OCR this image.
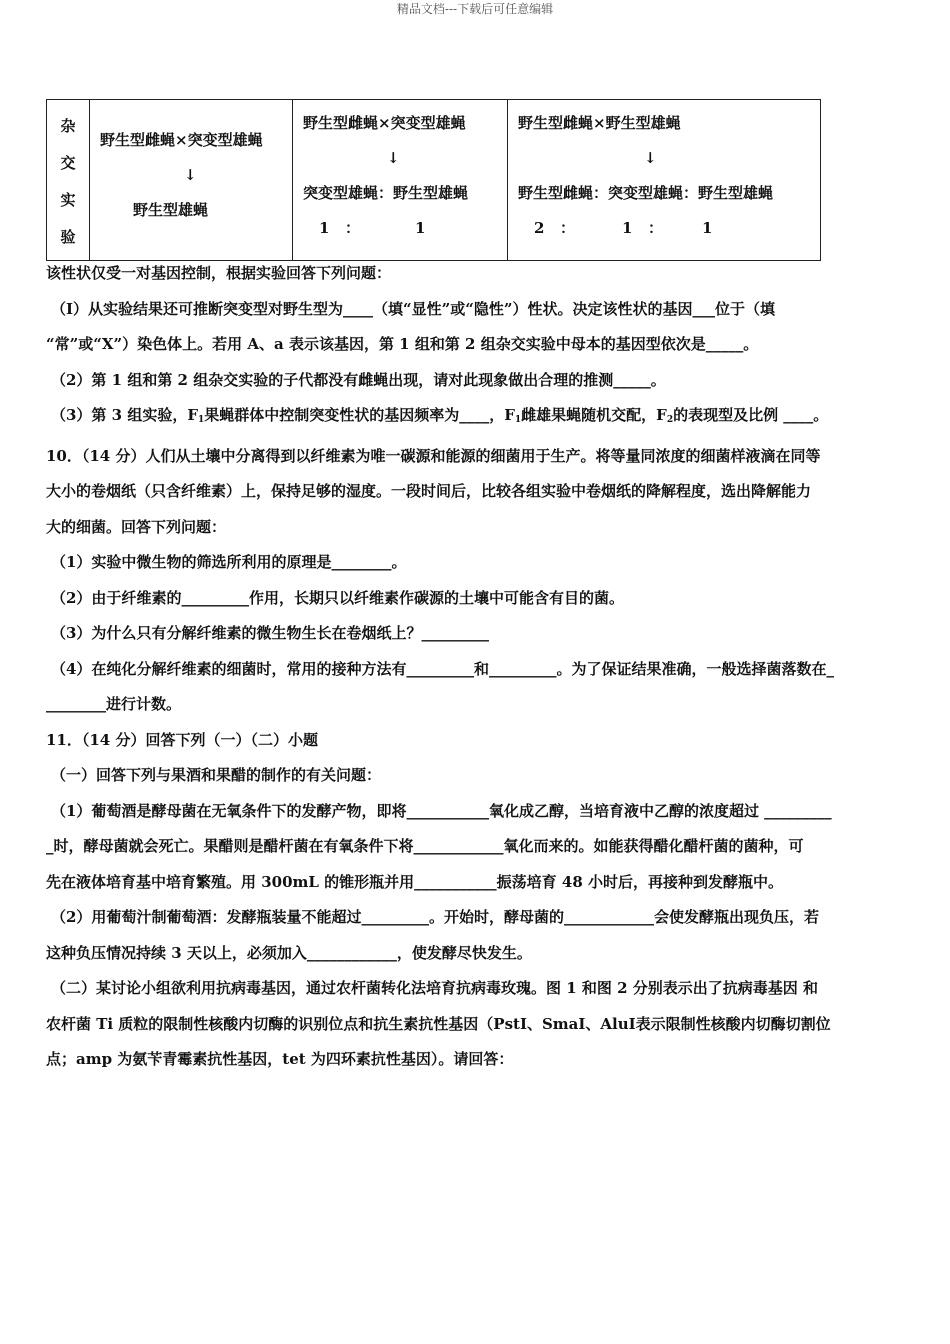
精品文档---下载后可任意编辑
杂
交
实
验

野生型雌蝇×突变型雄蝇
↓
野生型雄蝇

野生型雌蝇×突变型雄蝇
↓
突变型雄蝇：野生型雄蝇
1 ：	1

野生型雌蝇×野生型雄蝇
↓
野生型雌蝇：突变型雄蝇：野生型雄蝇
2 ：	1 ：	1

该性状仅受一对基因控制，根据实验回答下列问题：

（Ⅰ）从实验结果还可推断突变型对野生型为____（填“显性”或“隐性”）性状。决定该性状的基因___位于（填

“常”或“X”）染色体上。若用 A、a 表示该基因，第 1 组和第 2 组杂交实验中母本的基因型依次是_____。

（2）第 1 组和第 2 组杂交实验的子代都没有雌蝇出现，请对此现象做出合理的推测_____。

（3）第 3 组实验，$F_1$果蝇群体中控制突变性状的基因频率为____，$F_1$雌雄果蝇随机交配，$F_2$的表现型及比例 ____。

10．（14 分）人们从土壤中分离得到以纤维素为唯一碳源和能源的细菌用于生产。将等量同浓度的细菌样液滴在同等

大小的卷烟纸（只含纤维素）上，保持足够的湿度。一段时间后，比较各组实验中卷烟纸的降解程度，选出降解能力

大的细菌。回答下列问题：

（1）实验中微生物的筛选所利用的原理是________。

（2）由于纤维素的_________作用，长期只以纤维素作碳源的土壤中可能含有目的菌。

（3）为什么只有分解纤维素的微生物生长在卷烟纸上？_________

（4）在纯化分解纤维素的细菌时，常用的接种方法有_________和_________。为了保证结果准确，一般选择菌落数在_

________进行计数。

11．（14 分）回答下列（一）（二）小题

（一）回答下列与果酒和果醋的制作的有关问题：

（1）葡萄酒是酵母菌在无氧条件下的发酵产物，即将___________氧化成乙醇，当培育液中乙醇的浓度超过 _________

_时，酵母菌就会死亡。果醋则是醋杆菌在有氧条件下将____________氧化而来的。如能获得醋化醋杆菌的菌种，可

先在液体培育基中培育繁殖。用 300mL 的锥形瓶并用___________振荡培育 48 小时后，再接种到发酵瓶中。

（2）用葡萄汁制葡萄酒：发酵瓶装量不能超过_________。开始时，酵母菌的____________会使发酵瓶出现负压，若

这种负压情况持续 3 天以上，必须加入____________，使发酵尽快发生。

（二）某讨论小组欲利用抗病毒基因，通过农杆菌转化法培育抗病毒玫瑰。图 1 和图 2 分别表示出了抗病毒基因 和

农杆菌 Ti 质粒的限制性核酸内切酶的识别位点和抗生素抗性基因（PstⅠ、SmaⅠ、AluⅠ表示限制性核酸内切酶切割位

点；amp 为氨苄青霉素抗性基因，tet 为四环素抗性基因）。请回答：
